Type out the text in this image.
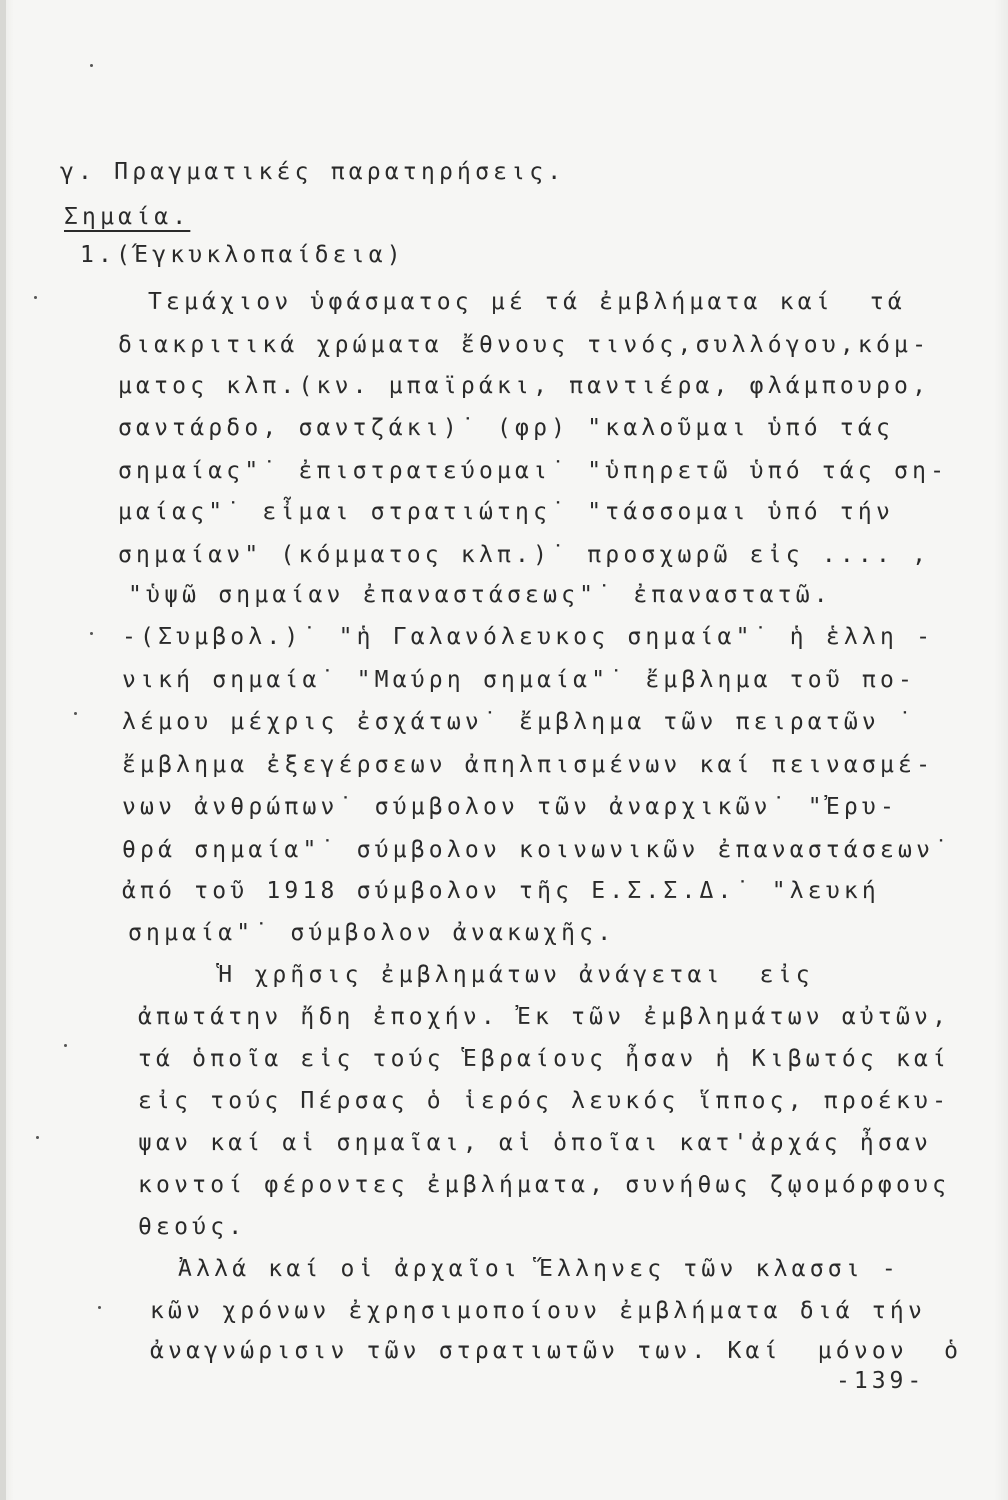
γ. Πραγματικές παρατηρήσεις.
Σημαία.
1.(Έγκυκλοπαίδεια)
Τεμάχιον ὑφάσματος μέ τά ἐμβλήματα καί  τά
διακριτικά χρώματα ἔθνους τινός,συλλόγου,κόμ-
ματος κλπ.(κν. μπαϊράκι, παντιέρα, φλάμπουρο,
σαντάρδο, σαντζάκι)˙ (φρ) "καλοῦμαι ὑπό τάς
σημαίας"˙ ἐπιστρατεύομαι˙ "ὑπηρετῶ ὑπό τάς ση-
μαίας"˙ εἶμαι στρατιώτης˙ "τάσσομαι ὑπό τήν
σημαίαν" (κόμματος κλπ.)˙ προσχωρῶ εἰς .... ,
"ὑψῶ σημαίαν ἐπαναστάσεως"˙ ἐπαναστατῶ.
-(Συμβολ.)˙ "ἡ Γαλανόλευκος σημαία"˙ ἡ ἑλλη -
νική σημαία˙ "Μαύρη σημαία"˙ ἔμβλημα τοῦ πο-
λέμου μέχρις ἐσχάτων˙ ἔμβλημα τῶν πειρατῶν ˙
ἔμβλημα ἐξεγέρσεων ἀπηλπισμένων καί πεινασμέ-
νων ἀνθρώπων˙ σύμβολον τῶν ἀναρχικῶν˙ "Ἐρυ-
θρά σημαία"˙ σύμβολον κοινωνικῶν ἐπαναστάσεων˙
ἀπό τοῦ 1918 σύμβολον τῆς Ε.Σ.Σ.Δ.˙ "λευκή
σημαία"˙ σύμβολον ἀνακωχῆς.
Ἡ χρῆσις ἐμβλημάτων ἀνάγεται  εἰς
ἀπωτάτην ἤδη ἐποχήν. Ἐκ τῶν ἐμβλημάτων αὐτῶν,
τά ὁποῖα εἰς τούς Ἑβραίους ἦσαν ἡ Κιβωτός καί
εἰς τούς Πέρσας ὁ ἱερός λευκός ἵππος, προέκυ-
ψαν καί αἱ σημαῖαι, αἱ ὁποῖαι κατ'ἀρχάς ἦσαν
κοντοί φέροντες ἐμβλήματα, συνήθως ζῳομόρφους
θεούς.
Ἀλλά καί οἱ ἀρχαῖοι Ἕλληνες τῶν κλασσι -
κῶν χρόνων ἐχρησιμοποίουν ἐμβλήματα διά τήν
ἀναγνώρισιν τῶν στρατιωτῶν των. Καί  μόνον  ὁ
-139-
